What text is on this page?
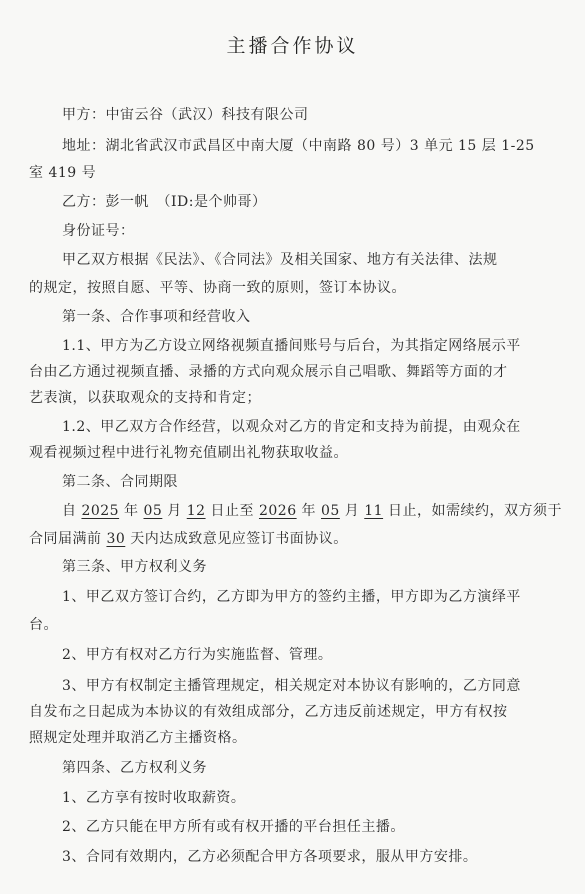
主播合作协议
甲方：中宙云谷（武汉）科技有限公司
地址：湖北省武汉市武昌区中南大厦（中南路 80 号）3 单元 15 层 1-25
室 419 号
乙方：彭一帆　（ID:是个帅哥）
身份证号：
甲乙双方根据《民法》、《合同法》及相关国家、地方有关法律、法规
的规定，按照自愿、平等、协商一致的原则，签订本协议。
第一条、合作事项和经营收入
1.1、甲方为乙方设立网络视频直播间账号与后台，为其指定网络展示平
台由乙方通过视频直播、录播的方式向观众展示自己唱歌、舞蹈等方面的才
艺表演，以获取观众的支持和肯定；
1.2、甲乙双方合作经营，以观众对乙方的肯定和支持为前提，由观众在
观看视频过程中进行礼物充值刷出礼物获取收益。
第二条、合同期限
自 2025 年 05 月 12 日止至 2026 年 05 月 11 日止，如需续约，双方须于
合同届满前 30 天内达成致意见应签订书面协议。
第三条、甲方权利义务
1、甲乙双方签订合约，乙方即为甲方的签约主播，甲方即为乙方演绎平
台。
2、甲方有权对乙方行为实施监督、管理。
3、甲方有权制定主播管理规定，相关规定对本协议有影响的，乙方同意
自发布之日起成为本协议的有效组成部分，乙方违反前述规定，甲方有权按
照规定处理并取消乙方主播资格。
第四条、乙方权利义务
1、乙方享有按时收取薪资。
2、乙方只能在甲方所有或有权开播的平台担任主播。
3、合同有效期内，乙方必须配合甲方各项要求，服从甲方安排。
